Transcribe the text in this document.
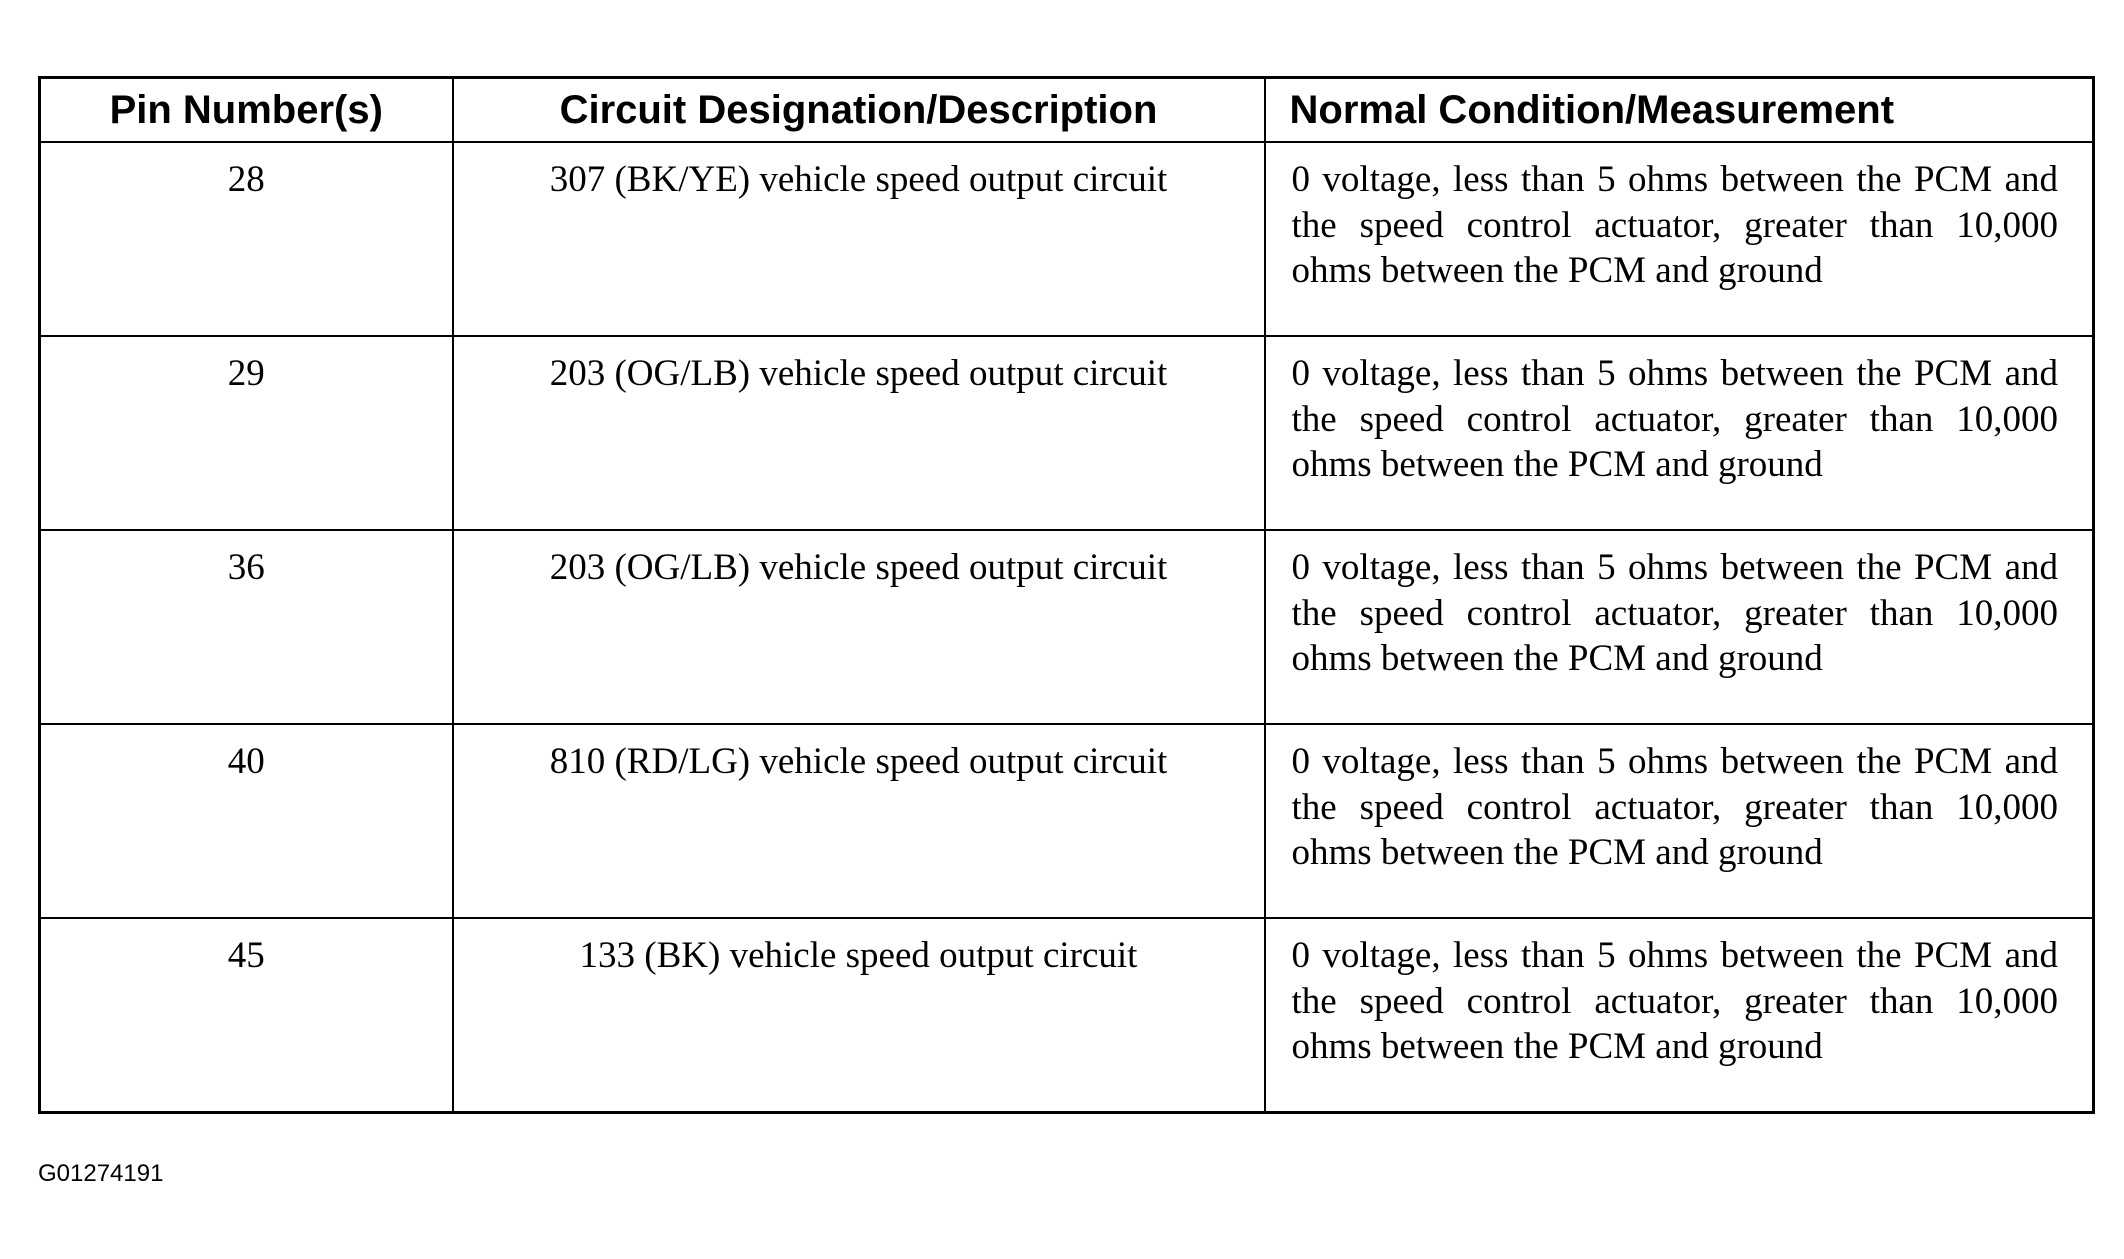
Pin Number(s)	Circuit Designation/Description	Normal Condition/Measurement
28	307 (BK/YE) vehicle speed output circuit	0 voltage, less than 5 ohms between the PCM and the speed control actuator, greater than 10,000 ohms between the PCM and ground
29	203 (OG/LB) vehicle speed output circuit	0 voltage, less than 5 ohms between the PCM and the speed control actuator, greater than 10,000 ohms between the PCM and ground
36	203 (OG/LB) vehicle speed output circuit	0 voltage, less than 5 ohms between the PCM and the speed control actuator, greater than 10,000 ohms between the PCM and ground
40	810 (RD/LG) vehicle speed output circuit	0 voltage, less than 5 ohms between the PCM and the speed control actuator, greater than 10,000 ohms between the PCM and ground
45	133 (BK) vehicle speed output circuit	0 voltage, less than 5 ohms between the PCM and the speed control actuator, greater than 10,000 ohms between the PCM and ground
G01274191
